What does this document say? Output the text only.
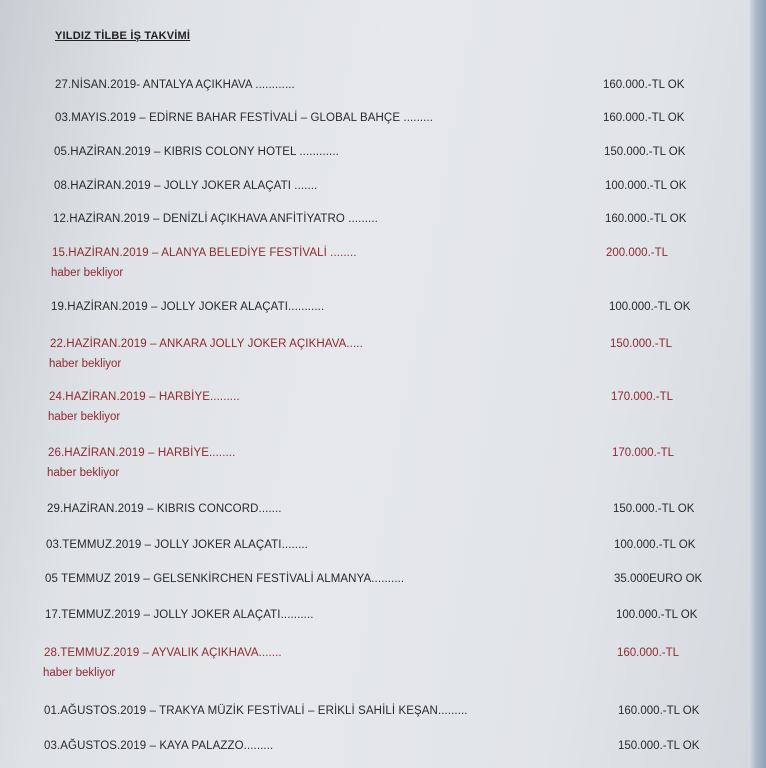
YILDIZ TİLBE İŞ TAKVİMİ
27.NİSAN.2019- ANTALYA AÇIKHAVA ............	160.000.-TL OK
03.MAYIS.2019 – EDİRNE BAHAR FESTİVALİ – GLOBAL BAHÇE .........	160.000.-TL OK
05.HAZİRAN.2019 – KIBRIS COLONY HOTEL ............	150.000.-TL OK
08.HAZİRAN.2019 – JOLLY JOKER ALAÇATI .......	100.000.-TL OK
12.HAZİRAN.2019 – DENİZLİ AÇIKHAVA ANFİTİYATRO .........	160.000.-TL OK
15.HAZİRAN.2019 – ALANYA BELEDİYE FESTİVALİ ........	200.000.-TL
haber bekliyor
19.HAZİRAN.2019 – JOLLY JOKER ALAÇATI...........	100.000.-TL OK
22.HAZİRAN.2019 – ANKARA JOLLY JOKER AÇIKHAVA.....	150.000.-TL
haber bekliyor
24.HAZİRAN.2019 – HARBİYE.........	170.000.-TL
haber bekliyor
26.HAZİRAN.2019 – HARBİYE........	170.000.-TL
haber bekliyor
29.HAZİRAN.2019 – KIBRIS CONCORD.......	150.000.-TL OK
03.TEMMUZ.2019 – JOLLY JOKER ALAÇATI........	100.000.-TL OK
05 TEMMUZ 2019 – GELSENKİRCHEN FESTİVALİ ALMANYA..........	35.000EURO OK
17.TEMMUZ.2019 – JOLLY JOKER ALAÇATI..........	100.000.-TL OK
28.TEMMUZ.2019 – AYVALIK AÇIKHAVA.......	160.000.-TL
haber bekliyor
01.AĞUSTOS.2019 – TRAKYA MÜZİK FESTİVALİ – ERİKLİ SAHİLİ KEŞAN.........	160.000.-TL OK
03.AĞUSTOS.2019 – KAYA PALAZZO.........	150.000.-TL OK
